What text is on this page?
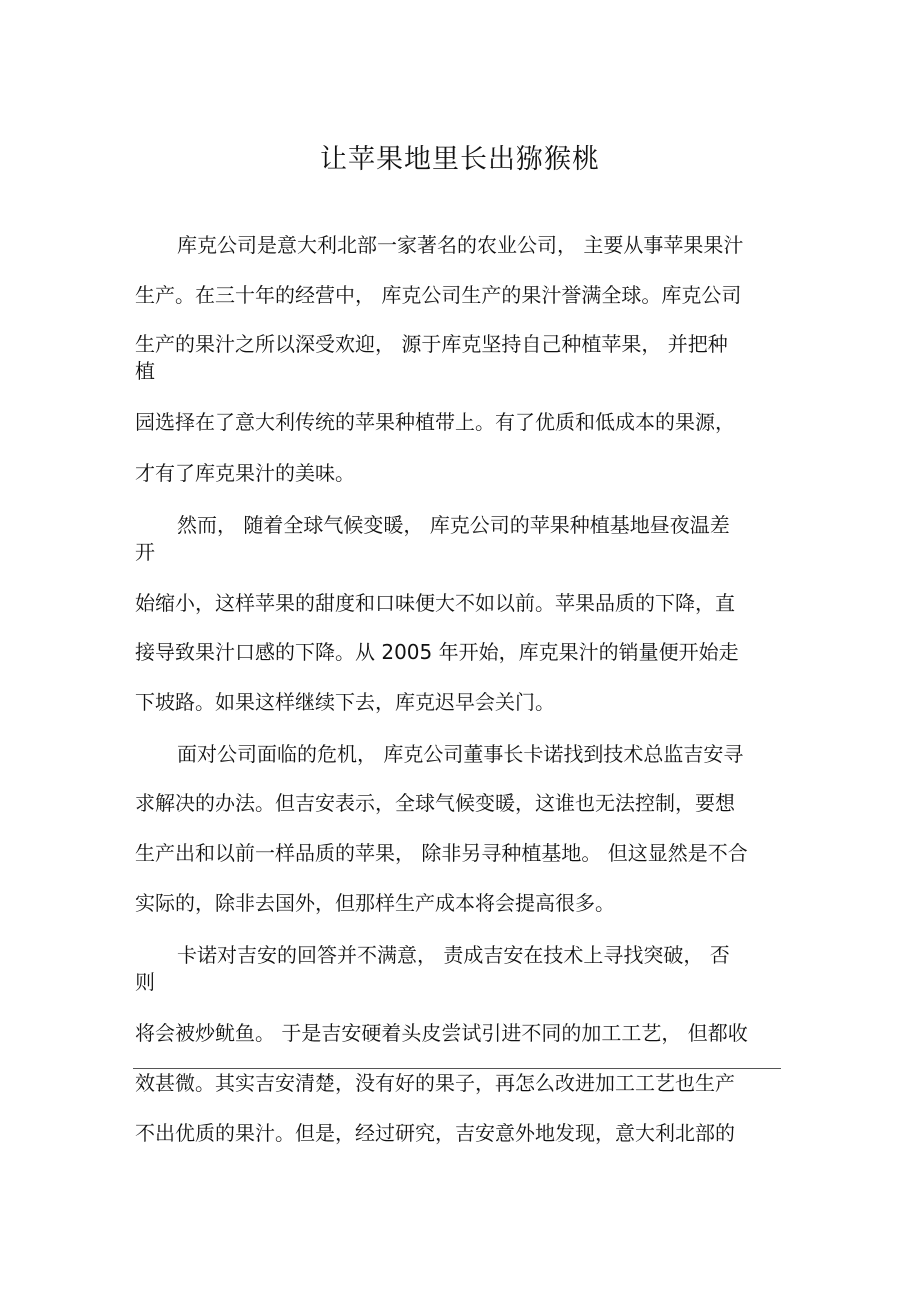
让苹果地里长出猕猴桃

库克公司是意大利北部一家著名的农业公司， 主要从事苹果果汁

生产。在三十年的经营中， 库克公司生产的果汁誉满全球。库克公司

生产的果汁之所以深受欢迎， 源于库克坚持自己种植苹果， 并把种

植

园选择在了意大利传统的苹果种植带上。有了优质和低成本的果源，

才有了库克果汁的美味。

然而， 随着全球气候变暖， 库克公司的苹果种植基地昼夜温差

开

始缩小，这样苹果的甜度和口味便大不如以前。苹果品质的下降，直

接导致果汁口感的下降。从 2005 年开始，库克果汁的销量便开始走

下坡路。如果这样继续下去，库克迟早会关门。

面对公司面临的危机， 库克公司董事长卡诺找到技术总监吉安寻

求解决的办法。但吉安表示，全球气候变暖，这谁也无法控制，要想

生产出和以前一样品质的苹果， 除非另寻种植基地。 但这显然是不合

实际的，除非去国外，但那样生产成本将会提高很多。

卡诺对吉安的回答并不满意， 责成吉安在技术上寻找突破， 否

则

将会被炒鱿鱼。 于是吉安硬着头皮尝试引进不同的加工工艺， 但都收

效甚微。其实吉安清楚，没有好的果子，再怎么改进加工工艺也生产

不出优质的果汁。但是，经过研究，吉安意外地发现，意大利北部的
